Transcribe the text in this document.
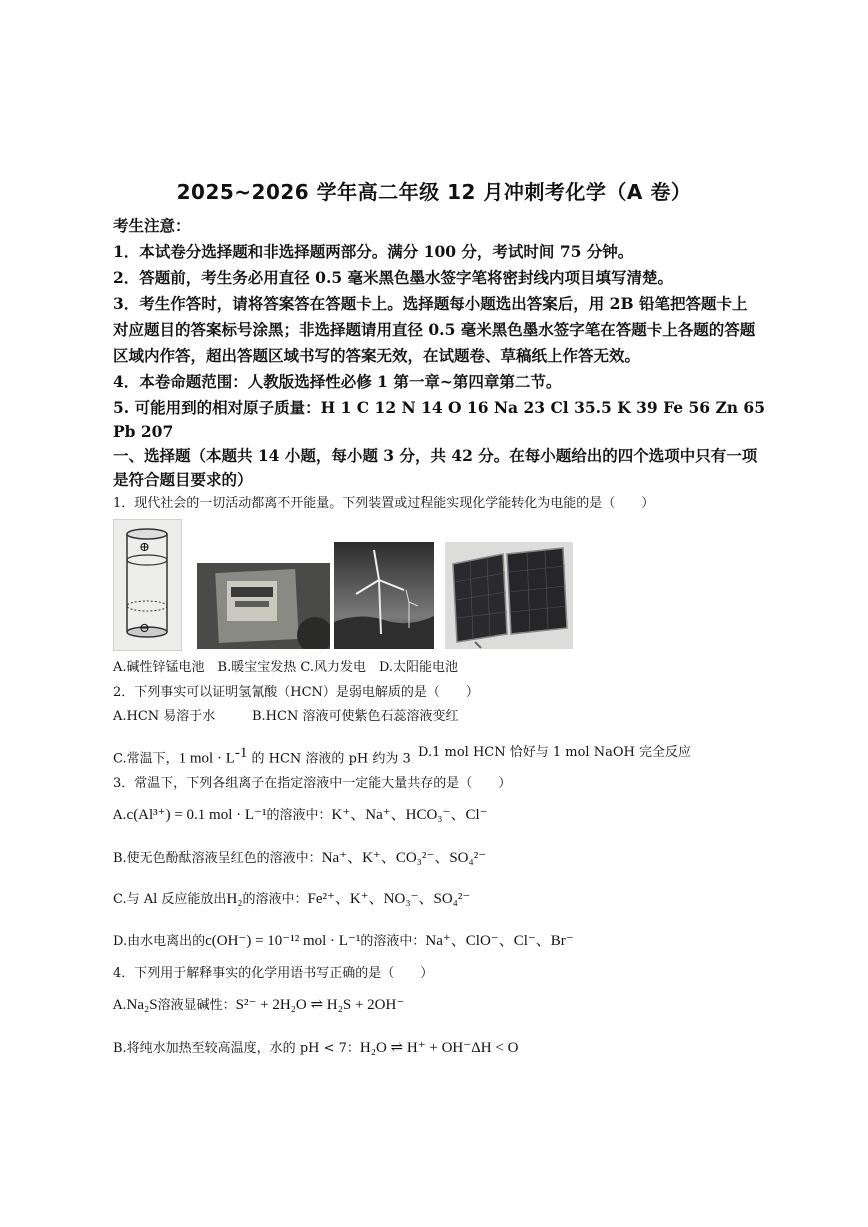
2025~2026 学年高二年级 12 月冲刺考化学（A 卷）
考生注意：
1．本试卷分选择题和非选择题两部分。满分 100 分，考试时间 75 分钟。
2．答题前，考生务必用直径 0.5 毫米黑色墨水签字笔将密封线内项目填写清楚。
3．考生作答时，请将答案答在答题卡上。选择题每小题选出答案后，用 2B 铅笔把答题卡上
对应题目的答案标号涂黑；非选择题请用直径 0.5 毫米黑色墨水签字笔在答题卡上各题的答题
区域内作答，超出答题区域书写的答案无效，在试题卷、草稿纸上作答无效。
4．本卷命题范围：人教版选择性必修 1 第一章~第四章第二节。
5. 可能用到的相对原子质量：H 1 C 12 N 14 O 16 Na 23 Cl 35.5 K 39 Fe 56 Zn 65
Pb 207
一、选择题（本题共 14 小题，每小题 3 分，共 42 分。在每小题给出的四个选项中只有一项
是符合题目要求的）
1．现代社会的一切活动都离不开能量。下列装置或过程能实现化学能转化为电能的是（　　）
⊕
⊖
A.碱性锌锰电池　B.暖宝宝发热 C.风力发电　D.太阳能电池
2．下列事实可以证明氢氰酸（HCN）是弱电解质的是（　　）
A.HCN 易溶于水	B.HCN 溶液可使紫色石蕊溶液变红
C.常温下，1 mol · $L^{-1}$ 的 HCN 溶液的 pH 约为 3 D.1 mol HCN 恰好与 1 mol NaOH 完全反应
3．常温下，下列各组离子在指定溶液中一定能大量共存的是（　　）
A.c(Al³⁺) = 0.1 mol · L⁻¹的溶液中：K⁺、Na⁺、HCO₃⁻、Cl⁻
B.使无色酚酞溶液呈红色的溶液中：Na⁺、K⁺、CO₃²⁻、SO₄²⁻
C.与 Al 反应能放出H₂的溶液中：Fe²⁺、K⁺、NO₃⁻、SO₄²⁻
D.由水电离出的c(OH⁻) = 10⁻¹² mol · L⁻¹的溶液中：Na⁺、ClO⁻、Cl⁻、Br⁻
4．下列用于解释事实的化学用语书写正确的是（　　）
A.Na₂S溶液显碱性：S²⁻ + 2H₂O ⇌ H₂S + 2OH⁻
B.将纯水加热至较高温度，水的 pH < 7：H₂O ⇌ H⁺ + OH⁻ΔH < O
